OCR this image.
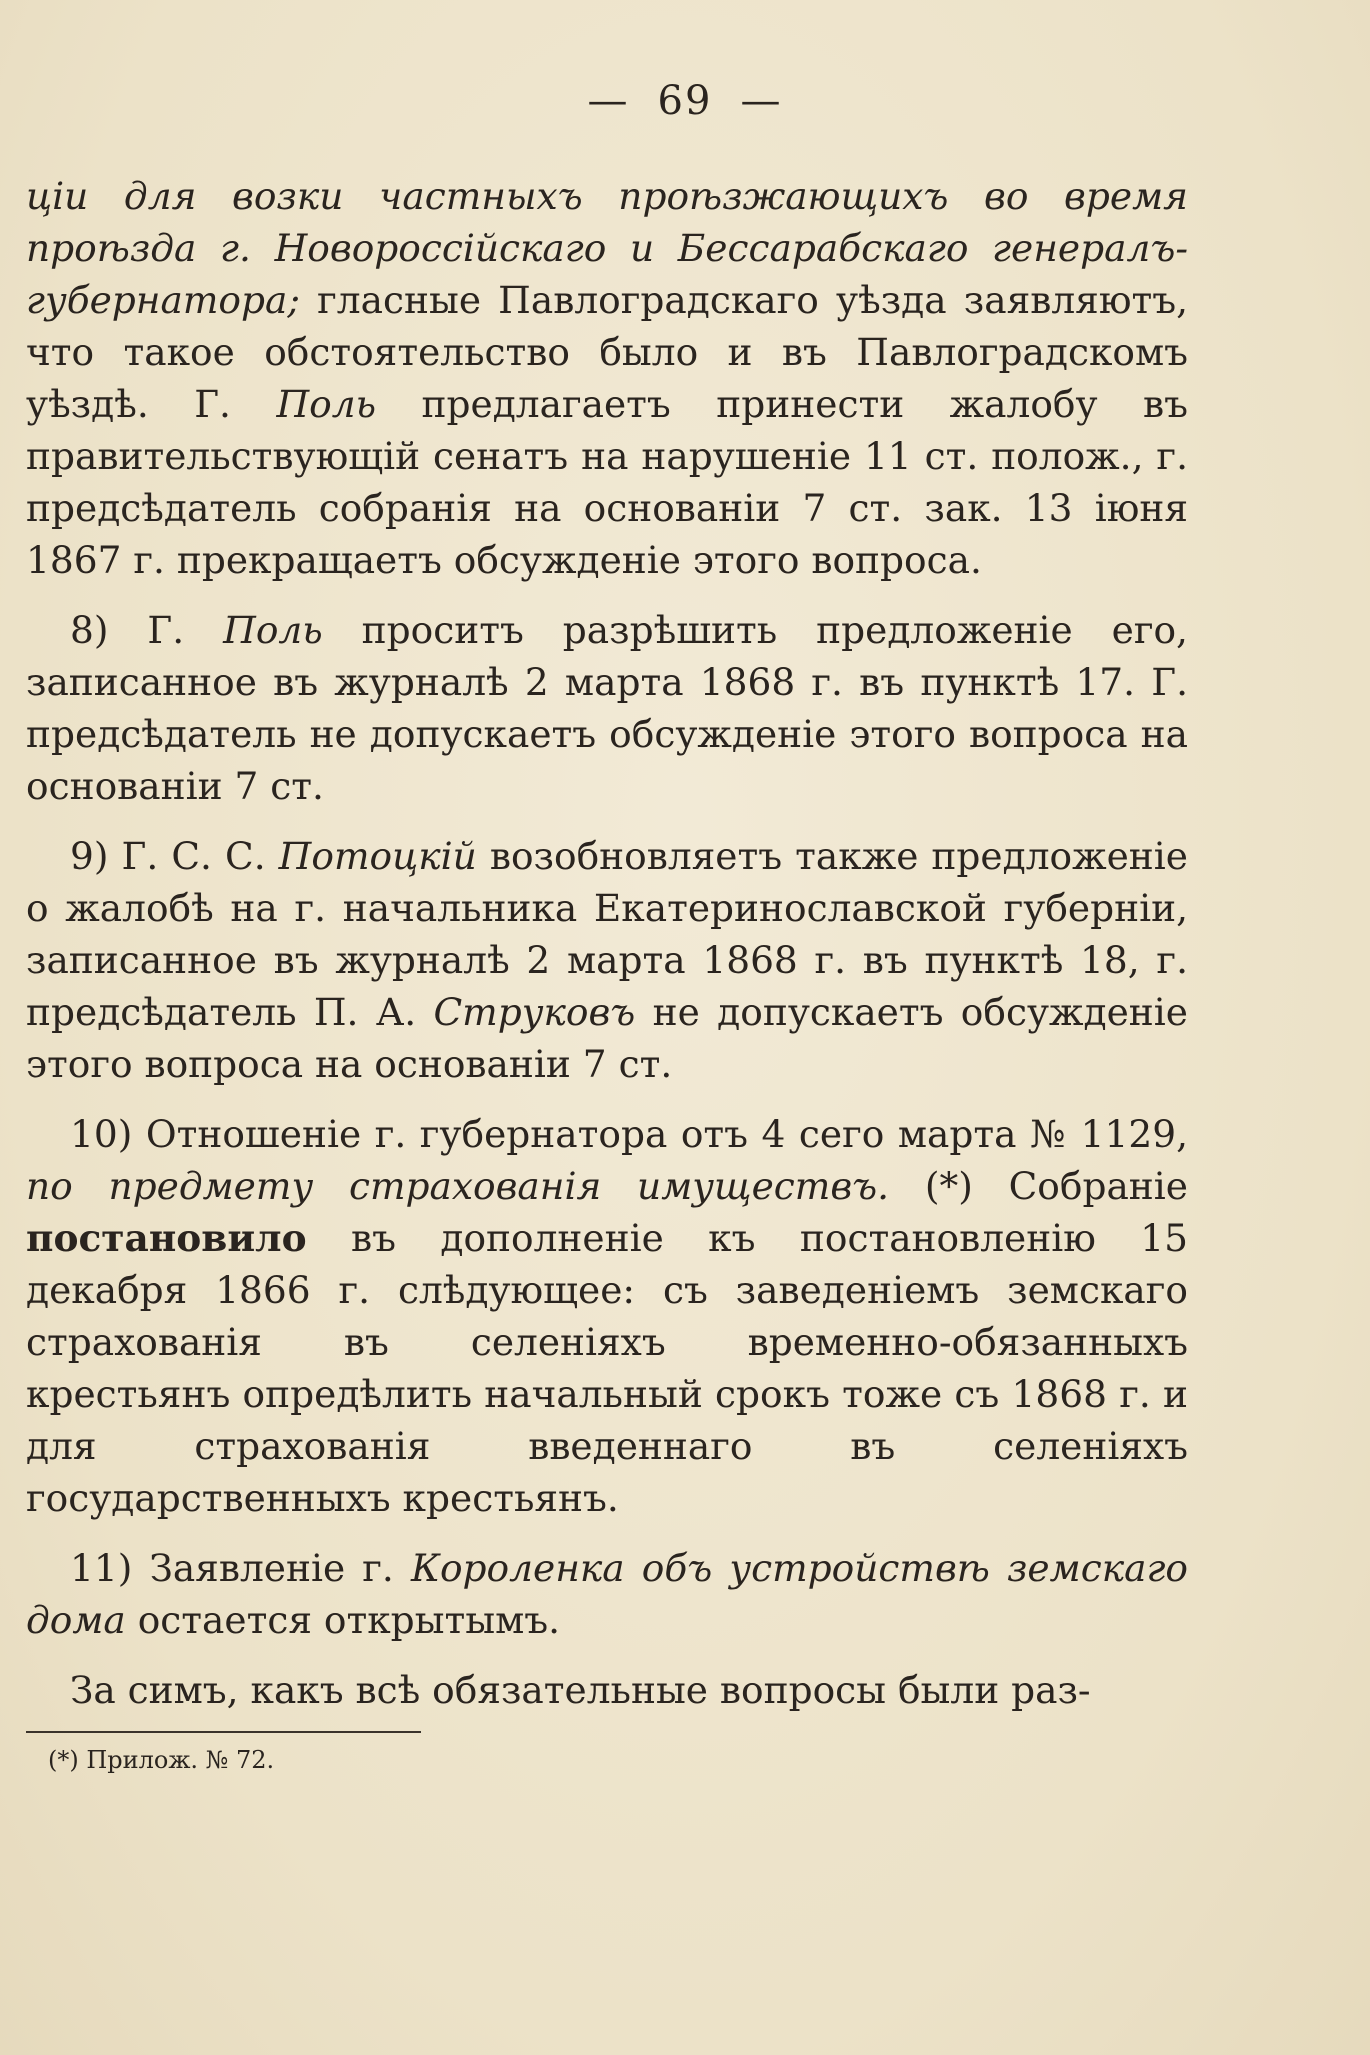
— 69 —

ціи для возки частныхъ проѣзжающихъ во время проѣзда г. Новороссійскаго и Бессарабскаго генералъ-губернатора; гласные Павлоградскаго уѣзда заявляютъ, что такое обстоятельство было и въ Павлоградскомъ уѣздѣ. Г. Поль предлагаетъ принести жалобу въ правительствующій сенатъ на нарушеніе 11 ст. полож., г. предсѣдатель собранія на основаніи 7 ст. зак. 13 іюня 1867 г. прекращаетъ обсужденіе этого вопроса.

8) Г. Поль проситъ разрѣшить предложеніе его, записанное въ журналѣ 2 марта 1868 г. въ пунктѣ 17. Г. предсѣдатель не допускаетъ обсужденіе этого вопроса на основаніи 7 ст.

9) Г. С. С. Потоцкій возобновляетъ также предложеніе о жалобѣ на г. начальника Екатеринославской губерніи, записанное въ журналѣ 2 марта 1868 г. въ пунктѣ 18, г. предсѣдатель П. А. Струковъ не допускаетъ обсужденіе этого вопроса на основаніи 7 ст.

10) Отношеніе г. губернатора отъ 4 сего марта № 1129, по предмету страхованія имуществъ. (*) Собраніе постановило въ дополненіе къ постановленію 15 декабря 1866 г. слѣдующее: съ заведеніемъ земскаго страхованія въ селеніяхъ временно-обязанныхъ крестьянъ опредѣлить начальный срокъ тоже съ 1868 г. и для страхованія введеннаго въ селеніяхъ государственныхъ крестьянъ.

11) Заявленіе г. Короленка объ устройствѣ земскаго дома остается открытымъ.

За симъ, какъ всѣ обязательные вопросы были раз-

(*) Прилож. № 72.
